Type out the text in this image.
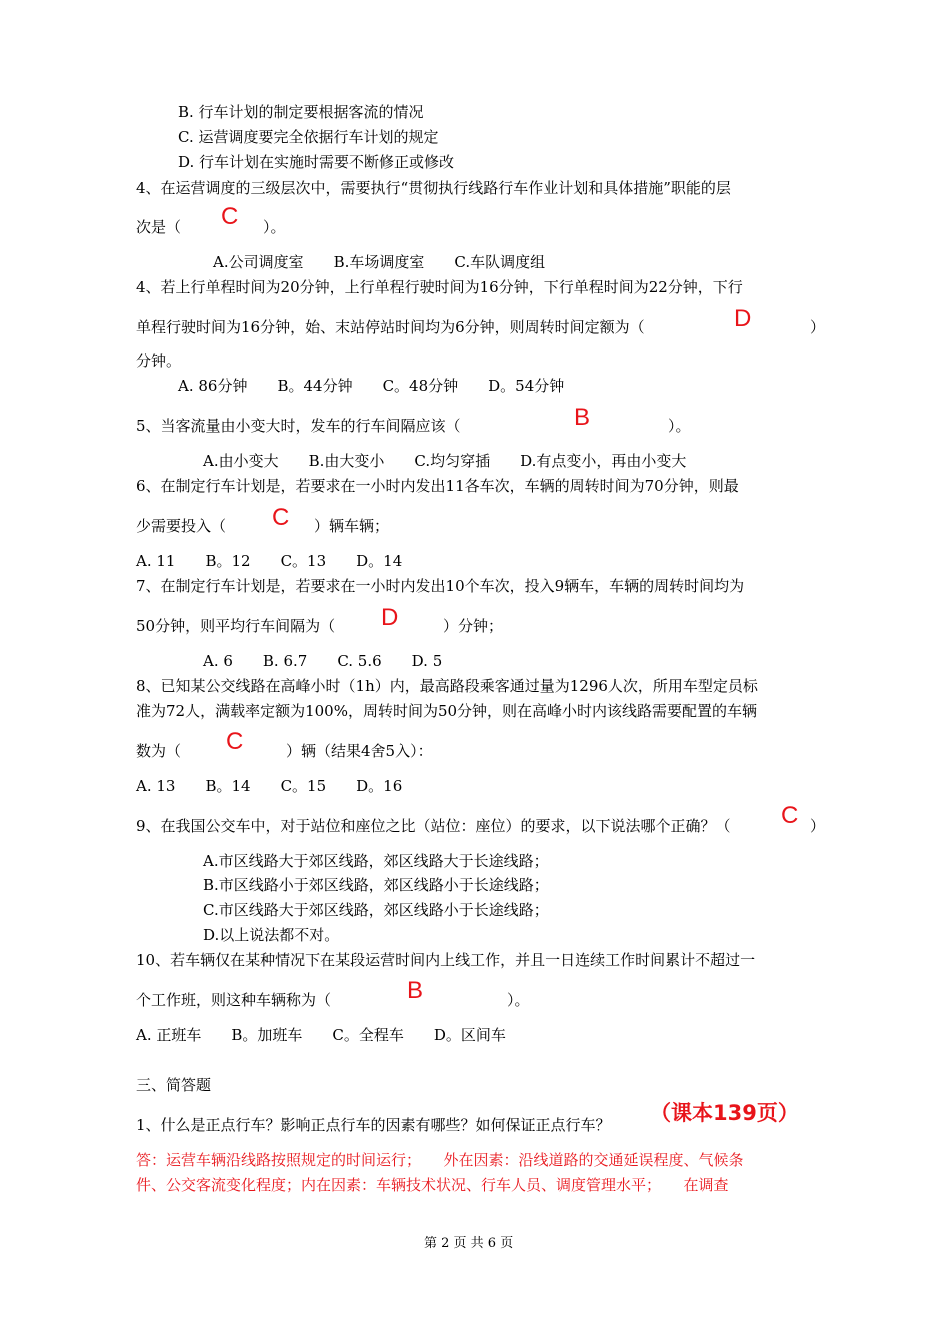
B. 行车计划的制定要根据客流的情况
C. 运营调度要完全依据行车计划的规定
D. 行车计划在实施时需要不断修正或修改
4、在运营调度的三级层次中，需要执行“贯彻执行线路行车作业计划和具体措施”职能的层
次是（ C ）。
A.公司调度室　　B.车场调度室　　C.车队调度组
4、若上行单程时间为20分钟，上行单程行驶时间为16分钟，下行单程时间为22分钟，下行
单程行驶时间为16分钟，始、末站停站时间均为6分钟，则周转时间定额为（	D	）
分钟。
A. 86分钟　　B。44分钟　　C。48分钟　　D。54分钟
5、当客流量由小变大时，发车的行车间隔应该（	B	）。
A.由小变大　　B.由大变小　　C.均匀穿插　　D.有点变小，再由小变大
6、在制定行车计划是，若要求在一小时内发出11各车次，车辆的周转时间为70分钟，则最
少需要投入（ C ）辆车辆；
A. 11　　B。12　　C。13　　D。14
7、在制定行车计划是，若要求在一小时内发出10个车次，投入9辆车，车辆的周转时间均为
50分钟，则平均行车间隔为（ D	）分钟；
A. 6　　B. 6.7　　C. 5.6　　D. 5
8、已知某公交线路在高峰小时（1h）内，最高路段乘客通过量为1296人次，所用车型定员标
准为72人，满载率定额为100%，周转时间为50分钟，则在高峰小时内该线路需要配置的车辆
数为（ C	）辆（结果4舍5入）：
A. 13　　B。14　　C。15　　D。16
9、在我国公交车中，对于站位和座位之比（站位：座位）的要求，以下说法哪个正确？（ C ）
A.市区线路大于郊区线路，郊区线路大于长途线路；
B.市区线路小于郊区线路，郊区线路小于长途线路；
C.市区线路大于郊区线路，郊区线路小于长途线路；
D.以上说法都不对。
10、若车辆仅在某种情况下在某段运营时间内上线工作，并且一日连续工作时间累计不超过一
个工作班，则这种车辆称为（	B	）。
A. 正班车　　B。加班车　　C。全程车　　D。区间车
三、简答题
1、什么是正点行车？影响正点行车的因素有哪些？如何保证正点行车？ （课本139页）
答：运营车辆沿线路按照规定的时间运行；　　外在因素：沿线道路的交通延误程度、气候条
件、公交客流变化程度；内在因素：车辆技术状况、行车人员、调度管理水平；　　在调查
第 2 页 共 6 页
